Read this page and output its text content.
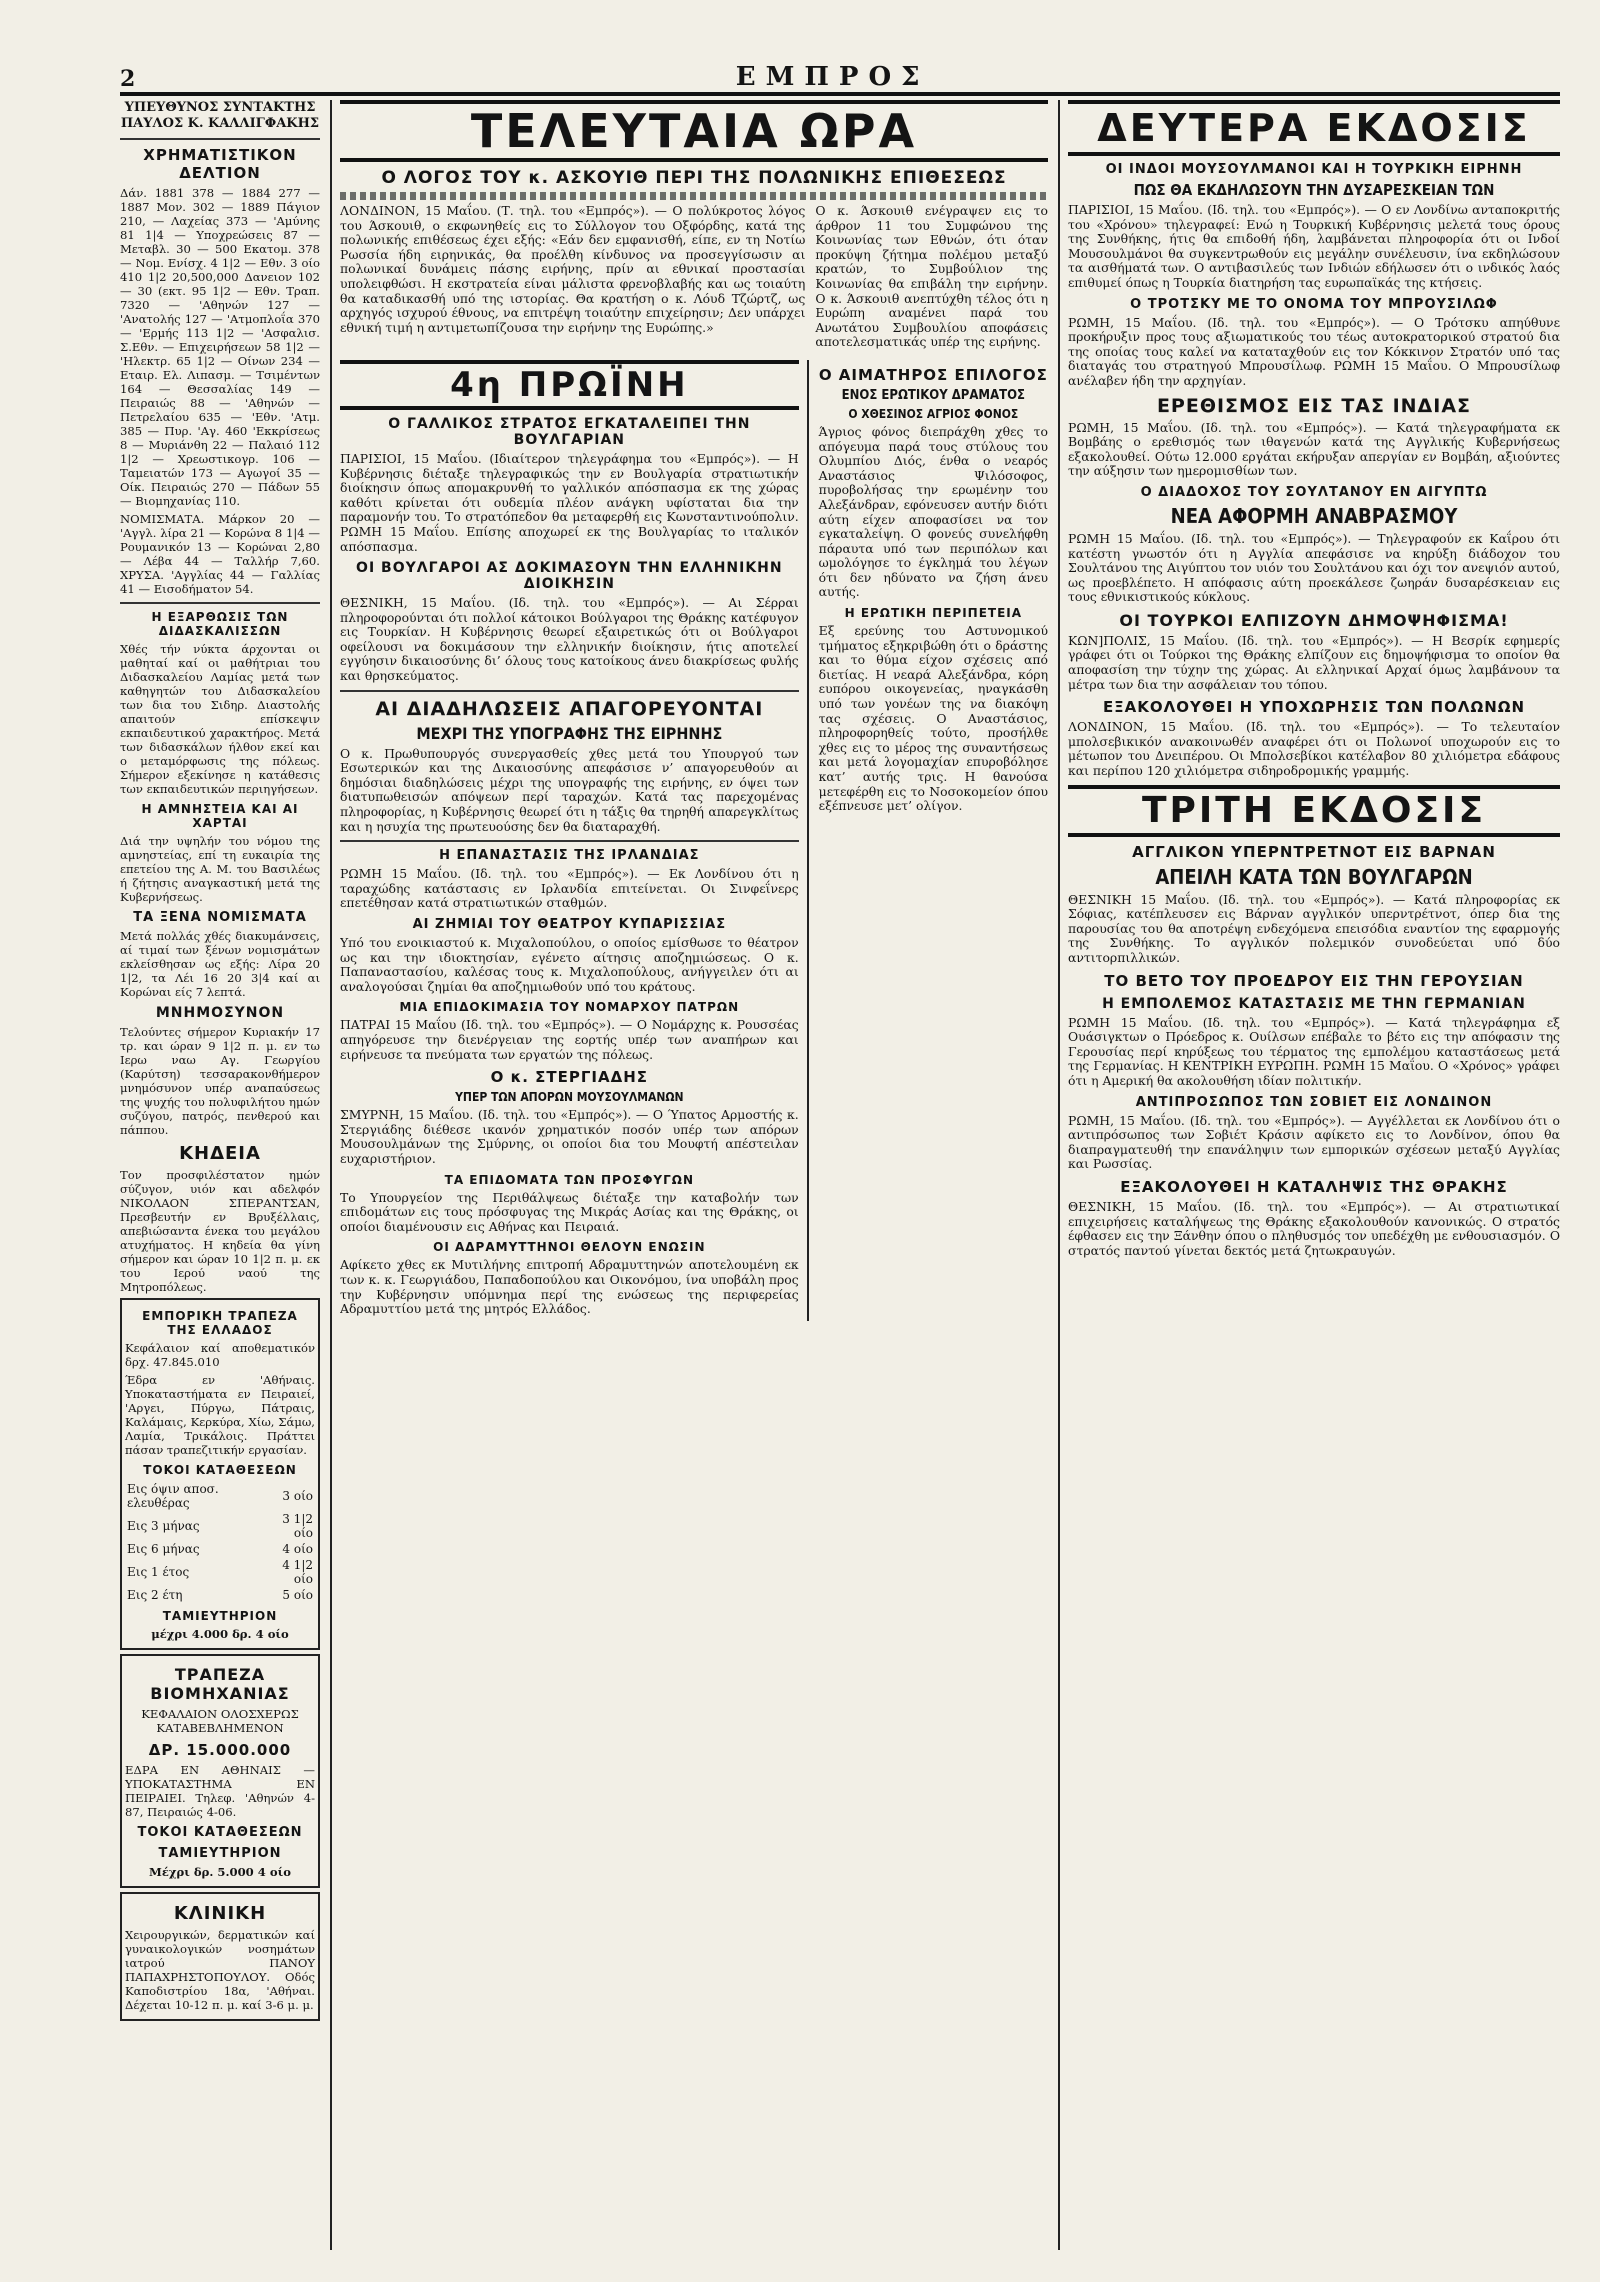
2	ΕΜΠΡΟΣ
ΥΠΕΥΘΥΝΟΣ ΣΥΝΤΑΚΤΗΣ
ΠΑΥΛΟΣ Κ. ΚΑΛΛΙΓΦΑΚΗΣ
ΧΡΗΜΑΤΙΣΤΙΚΟΝ ΔΕΛΤΙΟΝ

Δάν. 1881 378 — 1884 277 — 1887 Μον. 302 — 1889 Πάγιον 210, — Λαχείας 373 — 'Αμύνης 81 1|4 — Υποχρεώσεις 87 — Μεταβλ. 30 — 500 Εκατομ. 378 — Νομ. Ενίσχ. 4 1|2 — Εθν. 3 οίο 410 1|2 20,500,000 Δανειον 102 — 30 (εκτ. 95 1|2 — Εθν. Τραπ. 7320 — 'Αθηνών 127 — 'Ανατολής 127 — 'Ατμοπλοΐα 370 — 'Ερμής 113 1|2 — 'Ασφαλισ. Σ.Εθν. — Επιχειρήσεων 58 1|2 — 'Ηλεκτρ. 65 1|2 — Οίνων 234 — Εταιρ. Ελ. Λιπασμ. — Τσιμέντων 164 — Θεσσαλίας 149 — Πειραιώς 88 — 'Αθηνών — Πετρελαίου 635 — 'Εθν. 'Ατμ. 385 — Πυρ. 'Αγ. 460 'Εκκρίσεως 8 — Μυριάνθη 22 — Παλαιό 112 1|2 — Χρεωστικογρ. 106 — Ταμειατών 173 — Αγωγοί 35 — Οίκ. Πειραιώς 270 — Πάδων 55 — Βιομηχανίας 110.

ΝΟΜΙΣΜΑΤΑ. Μάρκον 20 — 'Αγγλ. λίρα 21 — Κορώνα 8 1|4 — Ρουμανικόν 13 — Κορώναι 2,80 — Λέβα 44 — Ταλλήρ 7,60. ΧΡΥΣΑ. 'Αγγλίας 44 — Γαλλίας 41 — Εισοδήματον 54.

Η ΕΞΑΡΘΩΣΙΣ ΤΩΝ ΔΙΔΑΣΚΑΛΙΣΣΩΝ

Χθές τήν νύκτα άρχονται οι μαθηταί καί οι μαθήτριαι του Διδασκαλείου Λαμίας μετά των καθηγητών του Διδασκαλείου των δια του Σιδηρ. Διαστολής απαιτούν επίσκεψιν εκπαιδευτικού χαρακτήρος. Μετά των διδασκάλων ήλθον εκεί και ο μεταμόρφωσις της πόλεως. Σήμερον εξεκίνησε η κατάθεσις των εκπαιδευτικών περιηγήσεων.

Η ΑΜΝΗΣΤΕΙΑ ΚΑΙ ΑΙ ΧΑΡΤΑΙ

Διά την υψηλήν του νόμου της αμνηστείας, επί τη ευκαιρία της επετείου της Α. Μ. του Βασιλέως ή ζήτησις αναγκαστική μετά της Κυβερνήσεως.

ΤΑ ΞΕΝΑ ΝΟΜΙΣΜΑΤΑ

Μετά πολλάς χθές διακυμάνσεις, αί τιμαί των ξένων νομισμάτων εκλείσθησαν ως εξής: Λίρα 20 1|2, τα Λέι 16 20 3|4 καί αι Κορώναι είς 7 λεπτά.

ΜΝΗΜΟΣΥΝΟΝ

Τελούντες σήμερον Κυριακήν 17 τρ. και ώραν 9 1|2 π. μ. εν τω Ιερω ναω Αγ. Γεωργίου (Καρύτση) τεσσαρακονθήμερον μνημόσυνον υπέρ αναπαύσεως της ψυχής του πολυφιλήτου ημών συζύγου, πατρός, πενθερού και πάππου.

ΚΗΔΕΙΑ

Τον προσφιλέστατον ημών σύζυγον, υιόν και αδελφόν ΝΙΚΟΛΑΟΝ ΣΠΕΡΑΝΤΣΑΝ, Πρεσβευτήν εν Βρυξέλλαις, απεβιώσαντα ένεκα του μεγάλου ατυχήματος. Η κηδεία θα γίνη σήμερον και ώραν 10 1|2 π. μ. εκ του Ιερού ναού της Μητροπόλεως.

ΕΜΠΟΡΙΚΗ ΤΡΑΠΕΖΑ ΤΗΣ ΕΛΛΑΔΟΣ

Κεφάλαιον καί αποθεματικόν δρχ. 47.845.010

Έδρα εν 'Αθήναις. Υποκαταστήματα εν Πειραιεί, 'Αργει, Πύργω, Πάτραις, Καλάμαις, Κερκύρα, Χίω, Σάμω, Λαμία, Τρικάλοις. Πράττει πάσαν τραπεζιτικήν εργασίαν.

ΤΟΚΟΙ ΚΑΤΑΘΕΣΕΩΝ
Εις όψιν αποσ. ελευθέρας	3 οίο
Εις 3 μήνας	3 1|2 οίο
Εις 6 μήνας	4 οίο
Εις 1 έτος	4 1|2 οίο
Εις 2 έτη	5 οίο
ΤΑΜΙΕΥΤΗΡΙΟΝ

μέχρι 4.000 δρ. 4 οίο

ΤΡΑΠΕΖΑ ΒΙΟΜΗΧΑΝΙΑΣ

ΚΕΦΑΛΑΙΟΝ ΟΛΟΣΧΕΡΩΣ ΚΑΤΑΒΕΒΛΗΜΕΝΟΝ

ΔΡ. 15.000.000

ΕΔΡΑ ΕΝ ΑΘΗΝΑΙΣ — ΥΠΟΚΑΤΑΣΤΗΜΑ ΕΝ ΠΕΙΡΑΙΕΙ. Τηλεφ. 'Αθηνών 4-87, Πειραιώς 4-06.

ΤΟΚΟΙ ΚΑΤΑΘΕΣΕΩΝ
ΤΑΜΙΕΥΤΗΡΙΟΝ

Μέχρι δρ. 5.000 4 οίο

ΚΛΙΝΙΚΗ

Χειρουργικών, δερματικών καί γυναικολογικών νοσημάτων ιατρού ΠΑΝΟΥ ΠΑΠΑΧΡΗΣΤΟΠΟΥΛΟΥ. Οδός Καποδιστρίου 18α, 'Αθήναι. Δέχεται 10-12 π. μ. καί 3-6 μ. μ.

ΤΕΛΕΥΤΑΙΑ ΩΡΑ
Ο ΛΟΓΟΣ ΤΟΥ κ. ΑΣΚΟΥΙΘ ΠΕΡΙ ΤΗΣ ΠΟΛΩΝΙΚΗΣ ΕΠΙΘΕΣΕΩΣ

ΛΟΝΔΙΝΟΝ, 15 Μαΐου. (Τ. τηλ. του «Εμπρός»). — Ο πολύκροτος λόγος του Άσκουιθ, ο εκφωνηθείς εις το Σύλλογον του Οξφόρδης, κατά της πολωνικής επιθέσεως έχει εξής: «Εάν δεν εμφανισθή, είπε, εν τη Νοτίω Ρωσσία ήδη ειρηνικάς, θα προέλθη κίνδυνος να προσεγγίσωσιν αι πολωνικαί δυνάμεις πάσης ειρήνης, πρίν αι εθνικαί προστασίαι υπολειφθώσι. Η εκστρατεία είναι μάλιστα φρενοβλαβής και ως τοιαύτη θα καταδικασθή υπό της ιστορίας. Θα κρατήση ο κ. Λόυδ Τζώρτζ, ως αρχηγός ισχυρού έθνους, να επιτρέψη τοιαύτην επιχείρησιν; Δεν υπάρχει εθνική τιμή η αντιμετωπίζουσα την ειρήνην της Ευρώπης.»

Ο κ. Άσκουιθ ενέγραψεν εις το άρθρον 11 του Συμφώνου της Κοινωνίας των Εθνών, ότι όταν προκύψη ζήτημα πολέμου μεταξύ κρατών, το Συμβούλιον της Κοινωνίας θα επιβάλη την ειρήνην. Ο κ. Άσκουιθ ανεπτύχθη τέλος ότι η Ευρώπη αναμένει παρά του Ανωτάτου Συμβουλίου αποφάσεις αποτελεσματικάς υπέρ της ειρήνης.

4η ΠΡΩΪΝΗ
Ο ΓΑΛΛΙΚΟΣ ΣΤΡΑΤΟΣ ΕΓΚΑΤΑΛΕΙΠΕΙ ΤΗΝ ΒΟΥΛΓΑΡΙΑΝ

ΠΑΡΙΣΙΟΙ, 15 Μαΐου. (Ιδιαίτερον τηλεγράφημα του «Εμπρός»). — Η Κυβέρνησις διέταξε τηλεγραφικώς την εν Βουλγαρία στρατιωτικήν διοίκησιν όπως απομακρυνθή το γαλλικόν απόσπασμα εκ της χώρας καθότι κρίνεται ότι ουδεμία πλέον ανάγκη υφίσταται δια την παραμονήν του. Το στρατόπεδον θα μεταφερθή εις Κωνσταντινούπολιν. ΡΩΜΗ 15 Μαΐου. Επίσης αποχωρεί εκ της Βουλγαρίας το ιταλικόν απόσπασμα.

ΟΙ ΒΟΥΛΓΑΡΟΙ ΑΣ ΔΟΚΙΜΑΣΟΥΝ ΤΗΝ ΕΛΛΗΝΙΚΗΝ ΔΙΟΙΚΗΣΙΝ

ΘΕΣΝΙΚΗ, 15 Μαΐου. (Ιδ. τηλ. του «Εμπρός»). — Αι Σέρραι πληροφορούνται ότι πολλοί κάτοικοι Βούλγαροι της Θράκης κατέφυγον εις Τουρκίαν. Η Κυβέρνησις θεωρεί εξαιρετικώς ότι οι Βούλγαροι οφείλουσι να δοκιμάσουν την ελληνικήν διοίκησιν, ήτις αποτελεί εγγύησιν δικαιοσύνης δι’ όλους τους κατοίκους άνευ διακρίσεως φυλής και θρησκεύματος.

ΑΙ ΔΙΑΔΗΛΩΣΕΙΣ ΑΠΑΓΟΡΕΥΟΝΤΑΙ
ΜΕΧΡΙ ΤΗΣ ΥΠΟΓΡΑΦΗΣ ΤΗΣ ΕΙΡΗΝΗΣ

Ο κ. Πρωθυπουργός συνεργασθείς χθες μετά του Υπουργού των Εσωτερικών και της Δικαιοσύνης απεφάσισε ν’ απαγορευθούν αι δημόσιαι διαδηλώσεις μέχρι της υπογραφής της ειρήνης, εν όψει των διατυπωθεισών απόψεων περί ταραχών. Κατά τας παρεχομένας πληροφορίας, η Κυβέρνησις θεωρεί ότι η τάξις θα τηρηθή απαρεγκλίτως και η ησυχία της πρωτευούσης δεν θα διαταραχθή.

Η ΕΠΑΝΑΣΤΑΣΙΣ ΤΗΣ ΙΡΛΑΝΔΙΑΣ

ΡΩΜΗ 15 Μαΐου. (Ιδ. τηλ. του «Εμπρός»). — Εκ Λονδίνου ότι η ταραχώδης κατάστασις εν Ιρλανδία επιτείνεται. Οι Σινφεΐνερς επετέθησαν κατά στρατιωτικών σταθμών.

ΑΙ ΖΗΜΙΑΙ ΤΟΥ ΘΕΑΤΡΟΥ ΚΥΠΑΡΙΣΣΙΑΣ

Υπό του ενοικιαστού κ. Μιχαλοπούλου, ο οποίος εμίσθωσε το θέατρον ως και την ιδιοκτησίαν, εγένετο αίτησις αποζημιώσεως. Ο κ. Παπαναστασίου, καλέσας τους κ. Μιχαλοπούλους, ανήγγειλεν ότι αι αναλογούσαι ζημίαι θα αποζημιωθούν υπό του κράτους.

ΜΙΑ ΕΠΙΔΟΚΙΜΑΣΙΑ ΤΟΥ ΝΟΜΑΡΧΟΥ ΠΑΤΡΩΝ

ΠΑΤΡΑΙ 15 Μαΐου (Ιδ. τηλ. του «Εμπρός»). — Ο Νομάρχης κ. Ρουσσέας απηγόρευσε την διενέργειαν της εορτής υπέρ των αναπήρων και ειρήνευσε τα πνεύματα των εργατών της πόλεως.

Ο κ. ΣΤΕΡΓΙΑΔΗΣ
ΥΠΕΡ ΤΩΝ ΑΠΟΡΩΝ ΜΟΥΣΟΥΛΜΑΝΩΝ

ΣΜΥΡΝΗ, 15 Μαΐου. (Ιδ. τηλ. του «Εμπρός»). — Ο Ύπατος Αρμοστής κ. Στεργιάδης διέθεσε ικανόν χρηματικόν ποσόν υπέρ των απόρων Μουσουλμάνων της Σμύρνης, οι οποίοι δια του Μουφτή απέστειλαν ευχαριστήριον.

ΤΑ ΕΠΙΔΟΜΑΤΑ ΤΩΝ ΠΡΟΣΦΥΓΩΝ

Το Υπουργείον της Περιθάλψεως διέταξε την καταβολήν των επιδομάτων εις τους πρόσφυγας της Μικράς Ασίας και της Θράκης, οι οποίοι διαμένουσιν εις Αθήνας και Πειραιά.

ΟΙ ΑΔΡΑΜΥΤΤΗΝΟΙ ΘΕΛΟΥΝ ΕΝΩΣΙΝ

Αφίκετο χθες εκ Μυτιλήνης επιτροπή Αδραμυττηνών αποτελουμένη εκ των κ. κ. Γεωργιάδου, Παπαδοπούλου και Οικονόμου, ίνα υποβάλη προς την Κυβέρνησιν υπόμνημα περί της ενώσεως της περιφερείας Αδραμυττίου μετά της μητρός Ελλάδος.

Ο ΑΙΜΑΤΗΡΟΣ ΕΠΙΛΟΓΟΣ
ΕΝΟΣ ΕΡΩΤΙΚΟΥ ΔΡΑΜΑΤΟΣ
Ο ΧΘΕΣΙΝΟΣ ΑΓΡΙΟΣ ΦΟΝΟΣ

Άγριος φόνος διεπράχθη χθες το απόγευμα παρά τους στύλους του Ολυμπίου Διός, ένθα ο νεαρός Αναστάσιος Ψιλόσοφος, πυροβολήσας την ερωμένην του Αλεξάνδραν, εφόνευσεν αυτήν διότι αύτη είχεν αποφασίσει να τον εγκαταλείψη. Ο φονεύς συνελήφθη πάραυτα υπό των περιπόλων και ωμολόγησε το έγκλημά του λέγων ότι δεν ηδύνατο να ζήση άνευ αυτής.

Η ΕΡΩΤΙΚΗ ΠΕΡΙΠΕΤΕΙΑ

Εξ ερεύνης του Αστυνομικού τμήματος εξηκριβώθη ότι ο δράστης και το θύμα είχον σχέσεις από διετίας. Η νεαρά Αλεξάνδρα, κόρη ευπόρου οικογενείας, ηναγκάσθη υπό των γονέων της να διακόψη τας σχέσεις. Ο Αναστάσιος, πληροφορηθείς τούτο, προσήλθε χθες εις το μέρος της συναντήσεως και μετά λογομαχίαν επυροβόλησε κατ’ αυτής τρις. Η θανούσα μετεφέρθη εις το Νοσοκομείον όπου εξέπνευσε μετ’ ολίγον.

ΔΕΥΤΕΡΑ ΕΚΔΟΣΙΣ
ΟΙ ΙΝΔΟΙ ΜΟΥΣΟΥΛΜΑΝΟΙ ΚΑΙ Η ΤΟΥΡΚΙΚΗ ΕΙΡΗΝΗ
ΠΩΣ ΘΑ ΕΚΔΗΛΩΣΟΥΝ ΤΗΝ ΔΥΣΑΡΕΣΚΕΙΑΝ ΤΩΝ

ΠΑΡΙΣΙΟΙ, 15 Μαΐου. (Ιδ. τηλ. του «Εμπρός»). — Ο εν Λονδίνω ανταποκριτής του «Χρόνου» τηλεγραφεί: Ενώ η Τουρκική Κυβέρνησις μελετά τους όρους της Συνθήκης, ήτις θα επιδοθή ήδη, λαμβάνεται πληροφορία ότι οι Ινδοί Μουσουλμάνοι θα συγκεντρωθούν εις μεγάλην συνέλευσιν, ίνα εκδηλώσουν τα αισθήματά των. Ο αντιβασιλεύς των Ινδιών εδήλωσεν ότι ο ινδικός λαός επιθυμεί όπως η Τουρκία διατηρήση τας ευρωπαϊκάς της κτήσεις.

Ο ΤΡΟΤΣΚΥ ΜΕ ΤΟ ΟΝΟΜΑ ΤΟΥ ΜΠΡΟΥΣΙΛΩΦ

ΡΩΜΗ, 15 Μαΐου. (Ιδ. τηλ. του «Εμπρός»). — Ο Τρότσκυ απηύθυνε προκήρυξιν προς τους αξιωματικούς του τέως αυτοκρατορικού στρατού δια της οποίας τους καλεί να καταταχθούν εις τον Κόκκινον Στρατόν υπό τας διαταγάς του στρατηγού Μπρουσίλωφ. ΡΩΜΗ 15 Μαΐου. Ο Μπρουσίλωφ ανέλαβεν ήδη την αρχηγίαν.

ΕΡΕΘΙΣΜΟΣ ΕΙΣ ΤΑΣ ΙΝΔΙΑΣ

ΡΩΜΗ, 15 Μαΐου. (Ιδ. τηλ. του «Εμπρός»). — Κατά τηλεγραφήματα εκ Βομβάης ο ερεθισμός των ιθαγενών κατά της Αγγλικής Κυβερνήσεως εξακολουθεί. Ούτω 12.000 εργάται εκήρυξαν απεργίαν εν Βομβάη, αξιούντες την αύξησιν των ημερομισθίων των.

Ο ΔΙΑΔΟΧΟΣ ΤΟΥ ΣΟΥΛΤΑΝΟΥ ΕΝ ΑΙΓΥΠΤΩ
ΝΕΑ ΑΦΟΡΜΗ ΑΝΑΒΡΑΣΜΟΥ

ΡΩΜΗ 15 Μαΐου. (Ιδ. τηλ. του «Εμπρός»). — Τηλεγραφούν εκ Καΐρου ότι κατέστη γνωστόν ότι η Αγγλία απεφάσισε να κηρύξη διάδοχον του Σουλτάνου της Αιγύπτου τον υιόν του Σουλτάνου και όχι τον ανεψιόν αυτού, ως προεβλέπετο. Η απόφασις αύτη προεκάλεσε ζωηράν δυσαρέσκειαν εις τους εθνικιστικούς κύκλους.

ΟΙ ΤΟΥΡΚΟΙ ΕΛΠΙΖΟΥΝ ΔΗΜΟΨΗΦΙΣΜΑ!

ΚΩΝ]ΠΟΛΙΣ, 15 Μαΐου. (Ιδ. τηλ. του «Εμπρός»). — Η Βεσρίκ εφημερίς γράφει ότι οι Τούρκοι της Θράκης ελπίζουν εις δημοψήφισμα το οποίον θα αποφασίση την τύχην της χώρας. Αι ελληνικαί Αρχαί όμως λαμβάνουν τα μέτρα των δια την ασφάλειαν του τόπου.

ΕΞΑΚΟΛΟΥΘΕΙ Η ΥΠΟΧΩΡΗΣΙΣ ΤΩΝ ΠΟΛΩΝΩΝ

ΛΟΝΔΙΝΟΝ, 15 Μαΐου. (Ιδ. τηλ. του «Εμπρός»). — Το τελευταίον μπολσεβικικόν ανακοινωθέν αναφέρει ότι οι Πολωνοί υποχωρούν εις το μέτωπον του Δνειπέρου. Οι Μπολσεβίκοι κατέλαβον 80 χιλιόμετρα εδάφους και περίπου 120 χιλιόμετρα σιδηροδρομικής γραμμής.

ΤΡΙΤΗ ΕΚΔΟΣΙΣ
ΑΓΓΛΙΚΟΝ ΥΠΕΡΝΤΡΕΤΝΟΤ ΕΙΣ ΒΑΡΝΑΝ
ΑΠΕΙΛΗ ΚΑΤΑ ΤΩΝ ΒΟΥΛΓΑΡΩΝ

ΘΕΣΝΙΚΗ 15 Μαΐου. (Ιδ. τηλ. του «Εμπρός»). — Κατά πληροφορίας εκ Σόφιας, κατέπλευσεν εις Βάρναν αγγλικόν υπερντρέτνοτ, όπερ δια της παρουσίας του θα αποτρέψη ενδεχόμενα επεισόδια εναντίον της εφαρμογής της Συνθήκης. Το αγγλικόν πολεμικόν συνοδεύεται υπό δύο αντιτορπιλλικών.

ΤΟ ΒΕΤΟ ΤΟΥ ΠΡΟΕΔΡΟΥ ΕΙΣ ΤΗΝ ΓΕΡΟΥΣΙΑΝ
Η ΕΜΠΟΛΕΜΟΣ ΚΑΤΑΣΤΑΣΙΣ ΜΕ ΤΗΝ ΓΕΡΜΑΝΙΑΝ

ΡΩΜΗ 15 Μαΐου. (Ιδ. τηλ. του «Εμπρός»). — Κατά τηλεγράφημα εξ Ουάσιγκτων ο Πρόεδρος κ. Ουίλσων επέβαλε το βέτο εις την απόφασιν της Γερουσίας περί κηρύξεως του τέρματος της εμπολέμου καταστάσεως μετά της Γερμανίας. Η ΚΕΝΤΡΙΚΗ ΕΥΡΩΠΗ. ΡΩΜΗ 15 Μαΐου. Ο «Χρόνος» γράφει ότι η Αμερική θα ακολουθήση ιδίαν πολιτικήν.

ΑΝΤΙΠΡΟΣΩΠΟΣ ΤΩΝ ΣΟΒΙΕΤ ΕΙΣ ΛΟΝΔΙΝΟΝ

ΡΩΜΗ, 15 Μαΐου. (Ιδ. τηλ. του «Εμπρός»). — Αγγέλλεται εκ Λονδίνου ότι ο αντιπρόσωπος των Σοβιέτ Κράσιν αφίκετο εις το Λονδίνον, όπου θα διαπραγματευθή την επανάληψιν των εμπορικών σχέσεων μεταξύ Αγγλίας και Ρωσσίας.

ΕΞΑΚΟΛΟΥΘΕΙ Η ΚΑΤΑΛΗΨΙΣ ΤΗΣ ΘΡΑΚΗΣ

ΘΕΣΝΙΚΗ, 15 Μαΐου. (Ιδ. τηλ. του «Εμπρός»). — Αι στρατιωτικαί επιχειρήσεις καταλήψεως της Θράκης εξακολουθούν κανονικώς. Ο στρατός έφθασεν εις την Ξάνθην όπου ο πληθυσμός τον υπεδέχθη με ενθουσιασμόν. Ο στρατός παντού γίνεται δεκτός μετά ζητωκραυγών.
